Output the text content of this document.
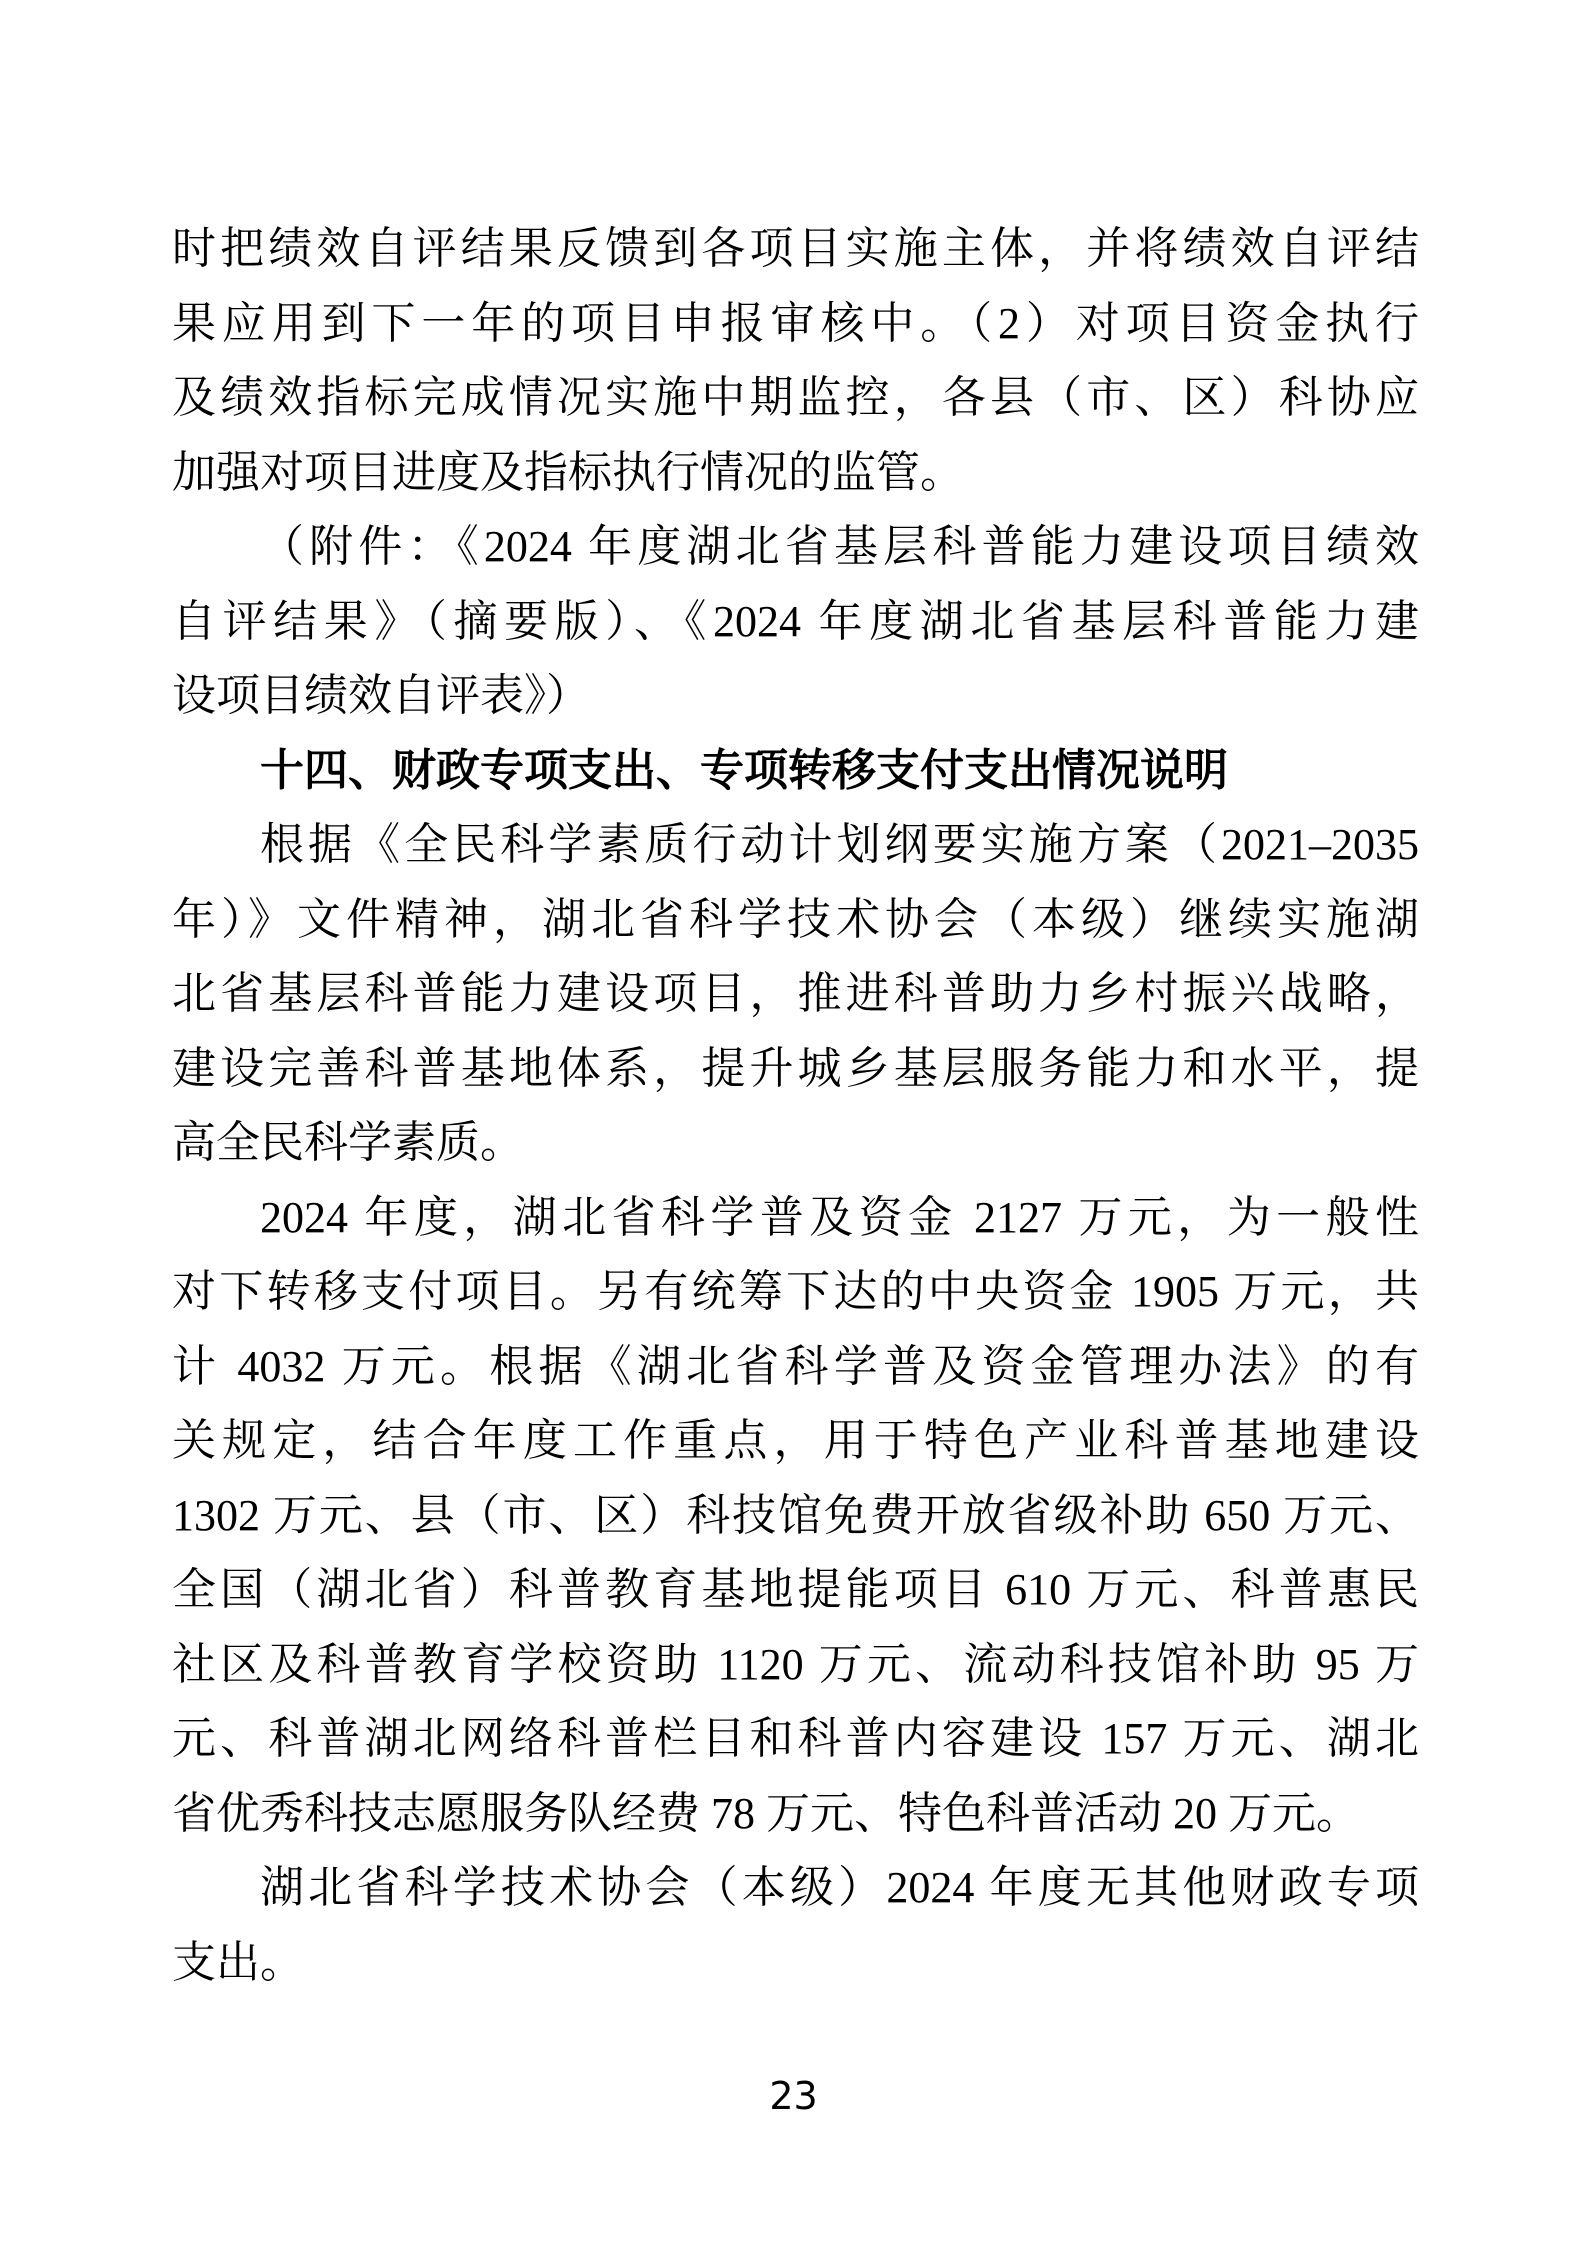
时把绩效自评结果反馈到各项目实施主体，并将绩效自评结
果应用到下一年的项目申报审核中。（2）对项目资金执行
及绩效指标完成情况实施中期监控，各县（市、区）科协应
加强对项目进度及指标执行情况的监管。
（附件：《2024 年度湖北省基层科普能力建设项目绩效
自评结果》（摘要版）、《2024 年度湖北省基层科普能力建
设项目绩效自评表》）
十四、财政专项支出、专项转移支付支出情况说明
根据《全民科学素质行动计划纲要实施方案（2021–2035
年）》文件精神，湖北省科学技术协会（本级）继续实施湖
北省基层科普能力建设项目，推进科普助力乡村振兴战略，
建设完善科普基地体系，提升城乡基层服务能力和水平，提
高全民科学素质。
2024 年度，湖北省科学普及资金 2127 万元，为一般性
对下转移支付项目。另有统筹下达的中央资金 1905 万元，共
计 4032 万元。根据《湖北省科学普及资金管理办法》的有
关规定，结合年度工作重点，用于特色产业科普基地建设
1302 万元、县（市、区）科技馆免费开放省级补助 650 万元、
全国（湖北省）科普教育基地提能项目 610 万元、科普惠民
社区及科普教育学校资助 1120 万元、流动科技馆补助 95 万
元、科普湖北网络科普栏目和科普内容建设 157 万元、湖北
省优秀科技志愿服务队经费 78 万元、特色科普活动 20 万元。
湖北省科学技术协会（本级）2024 年度无其他财政专项
支出。
23
